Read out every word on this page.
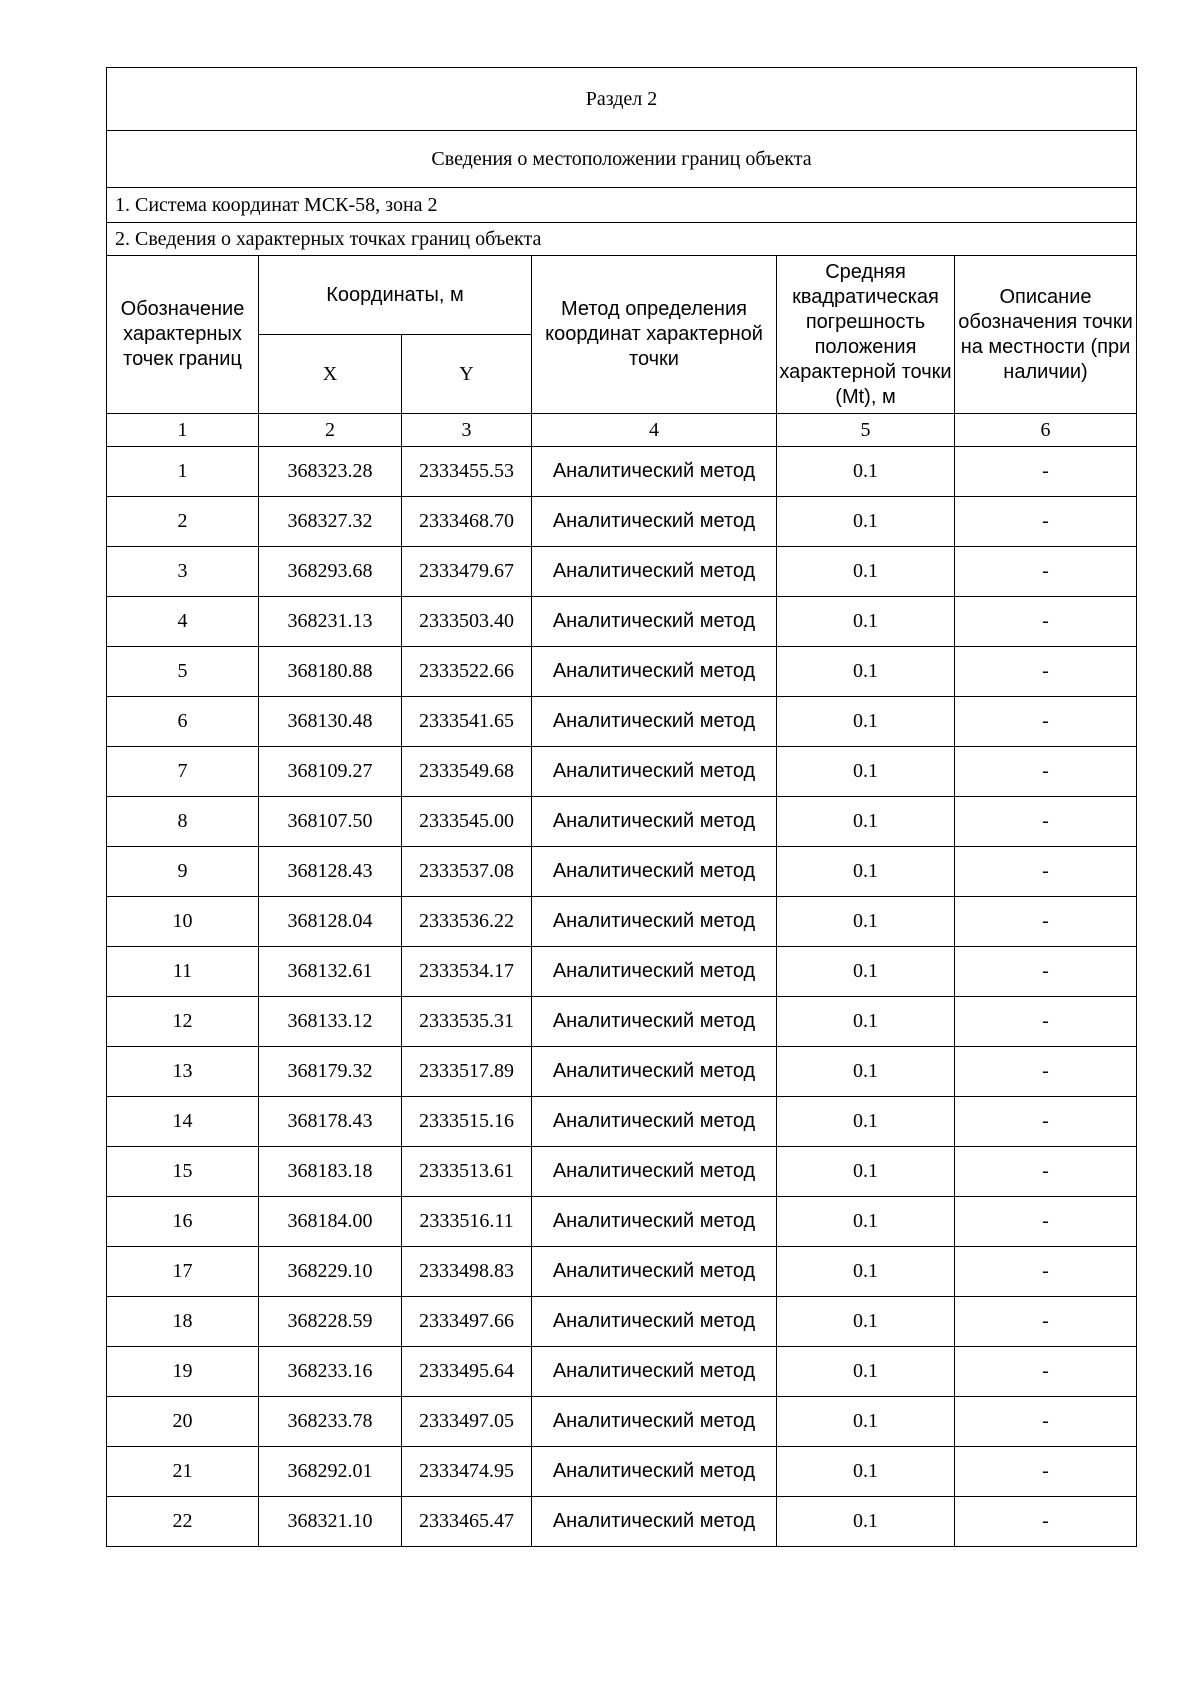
Раздел 2					
Сведения о местоположении границ объекта					
1. Система координат МСК-58, зона 2					
2. Сведения о характерных точках границ объекта					
Обозначение характерных точек границ	Координаты, м		Метод определения координат характерной точки	Средняя квадратическая погрешность положения характерной точки (Mt), м	Описание обозначения точки на местности (при наличии)
	X	Y			
1	2	3	4	5	6
1	368323.28	2333455.53	Аналитический метод	0.1	-
2	368327.32	2333468.70	Аналитический метод	0.1	-
3	368293.68	2333479.67	Аналитический метод	0.1	-
4	368231.13	2333503.40	Аналитический метод	0.1	-
5	368180.88	2333522.66	Аналитический метод	0.1	-
6	368130.48	2333541.65	Аналитический метод	0.1	-
7	368109.27	2333549.68	Аналитический метод	0.1	-
8	368107.50	2333545.00	Аналитический метод	0.1	-
9	368128.43	2333537.08	Аналитический метод	0.1	-
10	368128.04	2333536.22	Аналитический метод	0.1	-
11	368132.61	2333534.17	Аналитический метод	0.1	-
12	368133.12	2333535.31	Аналитический метод	0.1	-
13	368179.32	2333517.89	Аналитический метод	0.1	-
14	368178.43	2333515.16	Аналитический метод	0.1	-
15	368183.18	2333513.61	Аналитический метод	0.1	-
16	368184.00	2333516.11	Аналитический метод	0.1	-
17	368229.10	2333498.83	Аналитический метод	0.1	-
18	368228.59	2333497.66	Аналитический метод	0.1	-
19	368233.16	2333495.64	Аналитический метод	0.1	-
20	368233.78	2333497.05	Аналитический метод	0.1	-
21	368292.01	2333474.95	Аналитический метод	0.1	-
22	368321.10	2333465.47	Аналитический метод	0.1	-
